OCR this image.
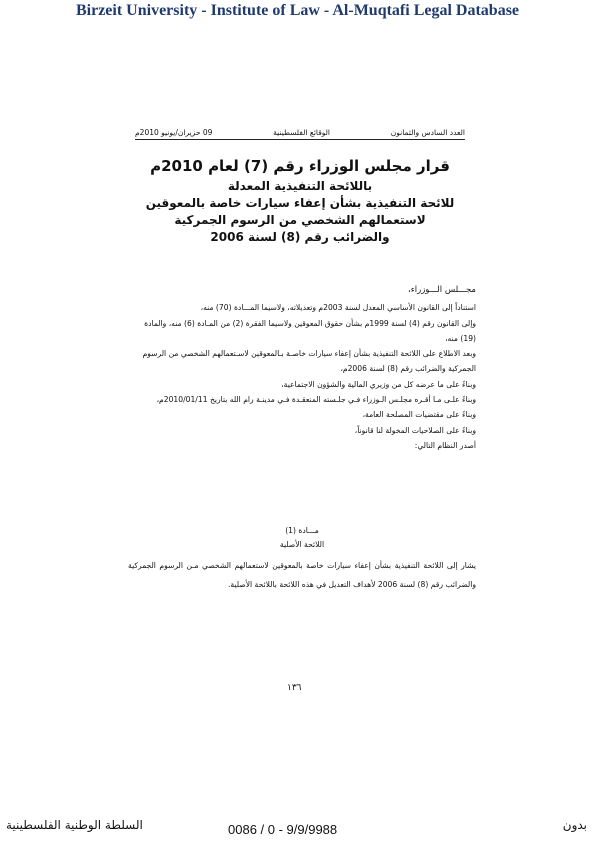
Birzeit University - Institute of Law - Al-Muqtafi Legal Database
العدد السادس والثمانون
الوقائع الفلسطينية
09 حزيران/يونيو 2010م
قرار مجلس الوزراء رقم (7) لعام 2010م
باللائحة التنفيذية المعدلة
للائحة التنفيذية بشأن إعفاء سيارات خاصة بالمعوقين
لاستعمالهم الشخصي من الرسوم الجمركية
والضرائب رقم (8) لسنة 2006

مجـــلس الـــوزراء،

استناداً إلى القانون الأساسي المعدل لسنة 2003م وتعديلاته، ولاسيما المـــادة (70) منه،

وإلى القانون رقم (4) لسنة 1999م بشأن حقوق المعوقين ولاسيما الفقرة (2) من المـادة (6) منه، والمادة (19) منه،

وبعد الاطلاع على اللائحة التنفيذية بشأن إعفاء سيارات خاصـة بـالمعوقين لاسـتعمالهم الشخصي من الرسوم الجمركية والضرائب رقم (8) لسنة 2006م،

وبناءً على ما عرضه كل من وزيري المالية والشؤون الاجتماعية،

وبناءً علـى مـا أقـره مجلـس الـوزراء فـي جلـسته المنعقـدة فـي مدينـة رام الله بتاريخ 2010/01/11م،

وبناءً على مقتضيات المصلحة العامة،

وبناءً على الصلاحيات المخولة لنا قانوناً،

أصدر النظام التالي:

مـــادة (1)
اللائحة الأصلية
يشار إلى اللائحة التنفيذية بشأن إعفاء سيارات خاصة بالمعوقين لاستعمالهم الشخصي مـن الرسوم الجمركية والضرائب رقم (8) لسنة 2006 لأهداف التعديل في هذه اللائحة باللائحة الأصلية.
١٣٦
السلطة الوطنية الفلسطينية	0086 / 0 - 9/9/9988	بدون
